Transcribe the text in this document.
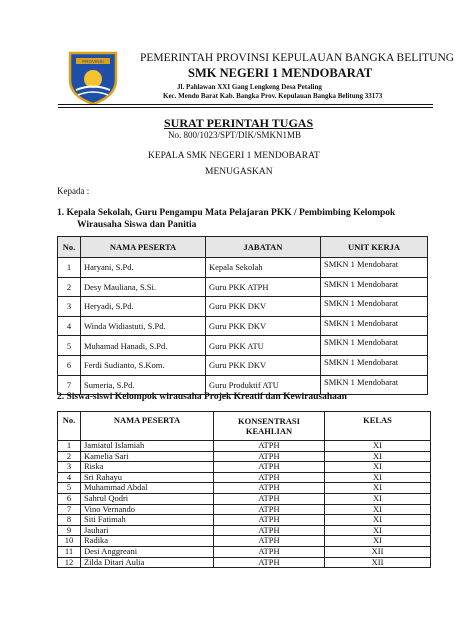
PROVINSI	PEMERINTAH PROVINSI KEPULAUAN BANGKA BELITUNG
SMK NEGERI 1 MENDOBARAT
Jl. Pahlawan XXI Gang Lengkeng Desa Petaling
Kec. Mendo Barat Kab. Bangka Prov. Kepulauan Bangka Belitung 33173
SURAT PERINTAH TUGAS
No. 800/1023/SPT/DIK/SMKN1MB
KEPALA SMK NEGERI 1 MENDOBARAT
MENUGASKAN
Kepada :
1. Kepala Sekolah, Guru Pengampu Mata Pelajaran PKK / Pembimbing Kelompok
Wirausaha Siswa dan Panitia
No.	NAMA PESERTA	JABATAN	UNIT KERJA
1	Haryani, S.Pd.	Kepala Sekolah	SMKN 1 Mendobarat
2	Desy Mauliana, S.Si.	Guru PKK ATPH	SMKN 1 Mendobarat
3	Heryadi, S.Pd.	Guru PKK DKV	SMKN 1 Mendobarat
4	Winda Widiastuti, S.Pd.	Guru PKK DKV	SMKN 1 Mendobarat
5	Muhamad Hanadi, S.Pd.	Guru PKK ATU	SMKN 1 Mendobarat
6	Ferdi Sudianto, S.Kom.	Guru PKK DKV	SMKN 1 Mendobarat
7	Sumeria, S.Pd.	Guru Produktif ATU	SMKN 1 Mendobarat
2. Siswa-siswi Kelompok wirausaha Projek Kreatif dan Kewirausahaan
No.	NAMA PESERTA	KONSENTRASI KEAHLIAN	KELAS
1	Jamiatul Islamiah	ATPH	XI
2	Kamelia Sari	ATPH	XI
3	Riska	ATPH	XI
4	Sri Rahayu	ATPH	XI
5	Muhammad Abdal	ATPH	XI
6	Sahrul Qodri	ATPH	XI
7	Vino Vernando	ATPH	XI
8	Siti Fatimah	ATPH	XI
9	Jauhari	ATPH	XI
10	Radika	ATPH	XI
11	Desi Anggreani	ATPH	XII
12	Zilda Ditari Aulia	ATPH	XII
